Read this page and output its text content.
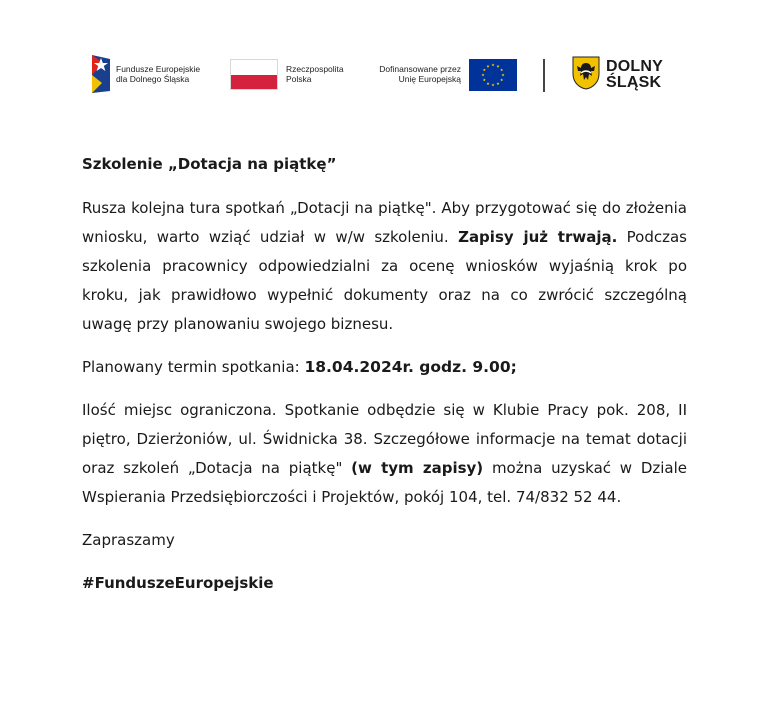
Fundusze Europejskie
dla Dolnego Śląska
Rzeczpospolita
Polska
Dofinansowane przez
Unię Europejską
DOLNY
ŚLĄSK
Szkolenie „Dotacja na piątkę”

Rusza kolejna tura spotkań „Dotacji na piątkę". Aby przygotować się do złożenia wniosku, warto wziąć udział w w/w szkoleniu. Zapisy już trwają. Podczas szkolenia pracownicy odpowiedzialni za ocenę wniosków wyjaśnią krok po kroku, jak prawidłowo wypełnić dokumenty oraz na co zwrócić szczególną uwagę przy planowaniu swojego biznesu.

Planowany termin spotkania: 18.04.2024r. godz. 9.00;

Ilość miejsc ograniczona. Spotkanie odbędzie się w Klubie Pracy pok. 208, II piętro, Dzierżoniów, ul. Świdnicka 38. Szczegółowe informacje na temat dotacji oraz szkoleń „Dotacja na piątkę" (w tym zapisy) można uzyskać w Dziale Wspierania Przedsiębiorczości i Projektów, pokój 104, tel. 74/832 52 44.

Zapraszamy

#FunduszeEuropejskie
